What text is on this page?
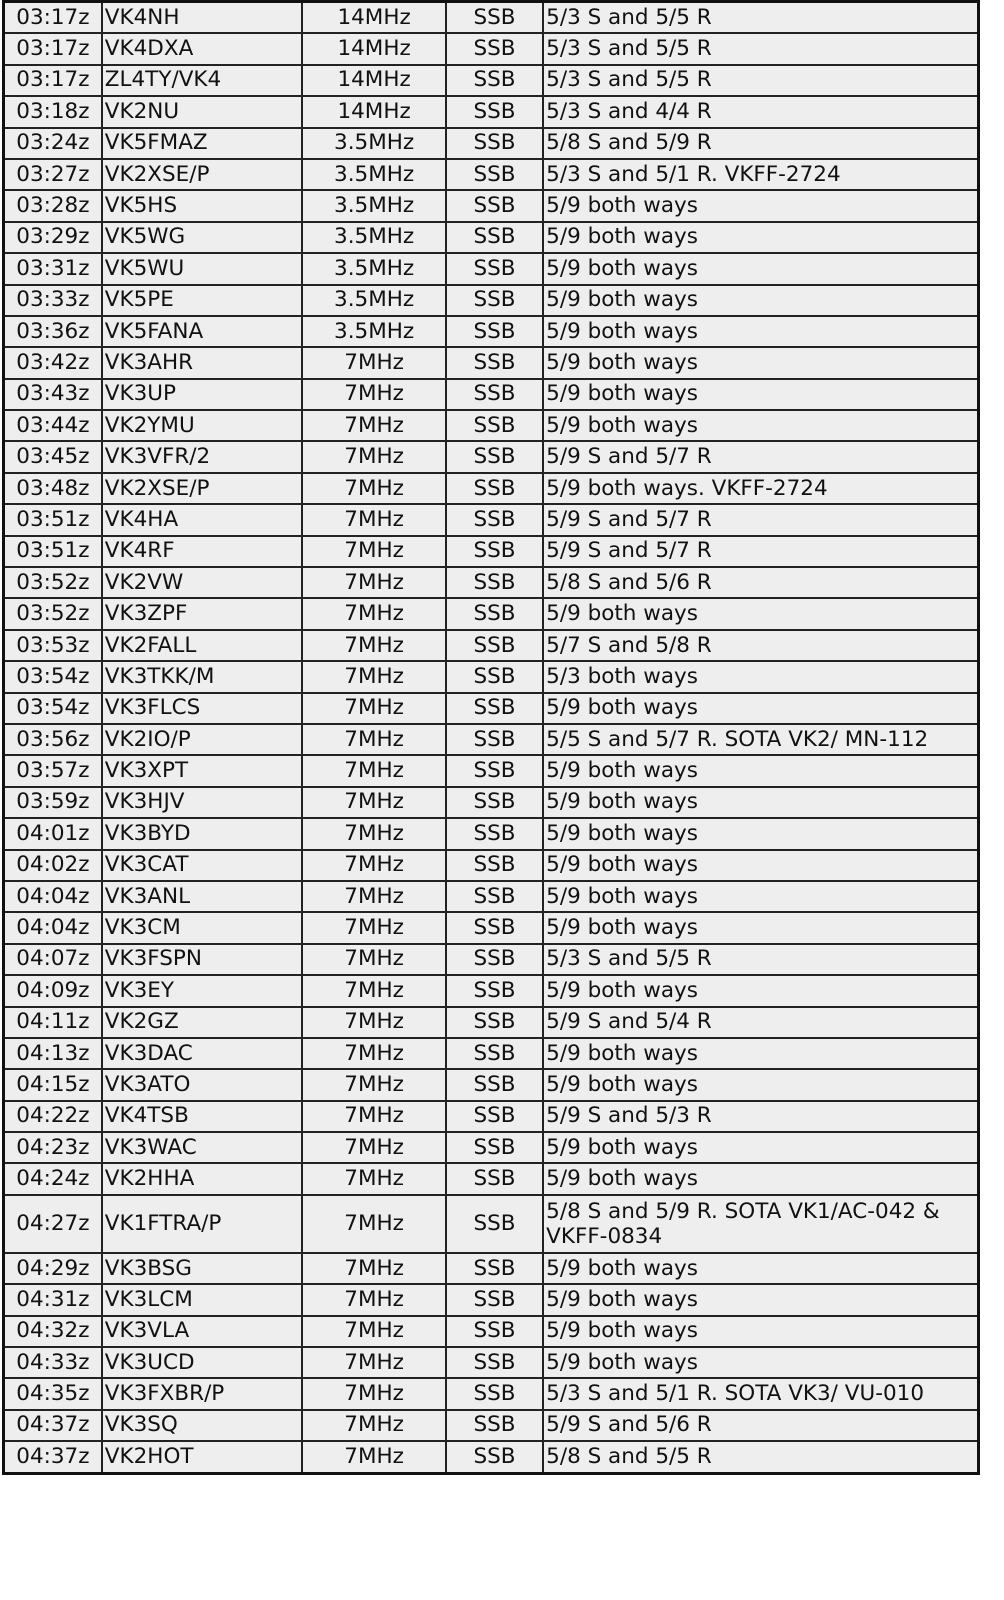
03:17z	VK4NH	14MHz	SSB	5/3 S and 5/5 R
03:17z	VK4DXA	14MHz	SSB	5/3 S and 5/5 R
03:17z	ZL4TY/VK4	14MHz	SSB	5/3 S and 5/5 R
03:18z	VK2NU	14MHz	SSB	5/3 S and 4/4 R
03:24z	VK5FMAZ	3.5MHz	SSB	5/8 S and 5/9 R
03:27z	VK2XSE/P	3.5MHz	SSB	5/3 S and 5/1 R. VKFF-2724
03:28z	VK5HS	3.5MHz	SSB	5/9 both ways
03:29z	VK5WG	3.5MHz	SSB	5/9 both ways
03:31z	VK5WU	3.5MHz	SSB	5/9 both ways
03:33z	VK5PE	3.5MHz	SSB	5/9 both ways
03:36z	VK5FANA	3.5MHz	SSB	5/9 both ways
03:42z	VK3AHR	7MHz	SSB	5/9 both ways
03:43z	VK3UP	7MHz	SSB	5/9 both ways
03:44z	VK2YMU	7MHz	SSB	5/9 both ways
03:45z	VK3VFR/2	7MHz	SSB	5/9 S and 5/7 R
03:48z	VK2XSE/P	7MHz	SSB	5/9 both ways. VKFF-2724
03:51z	VK4HA	7MHz	SSB	5/9 S and 5/7 R
03:51z	VK4RF	7MHz	SSB	5/9 S and 5/7 R
03:52z	VK2VW	7MHz	SSB	5/8 S and 5/6 R
03:52z	VK3ZPF	7MHz	SSB	5/9 both ways
03:53z	VK2FALL	7MHz	SSB	5/7 S and 5/8 R
03:54z	VK3TKK/M	7MHz	SSB	5/3 both ways
03:54z	VK3FLCS	7MHz	SSB	5/9 both ways
03:56z	VK2IO/P	7MHz	SSB	5/5 S and 5/7 R. SOTA VK2/ MN-112
03:57z	VK3XPT	7MHz	SSB	5/9 both ways
03:59z	VK3HJV	7MHz	SSB	5/9 both ways
04:01z	VK3BYD	7MHz	SSB	5/9 both ways
04:02z	VK3CAT	7MHz	SSB	5/9 both ways
04:04z	VK3ANL	7MHz	SSB	5/9 both ways
04:04z	VK3CM	7MHz	SSB	5/9 both ways
04:07z	VK3FSPN	7MHz	SSB	5/3 S and 5/5 R
04:09z	VK3EY	7MHz	SSB	5/9 both ways
04:11z	VK2GZ	7MHz	SSB	5/9 S and 5/4 R
04:13z	VK3DAC	7MHz	SSB	5/9 both ways
04:15z	VK3ATO	7MHz	SSB	5/9 both ways
04:22z	VK4TSB	7MHz	SSB	5/9 S and 5/3 R
04:23z	VK3WAC	7MHz	SSB	5/9 both ways
04:24z	VK2HHA	7MHz	SSB	5/9 both ways
04:27z	VK1FTRA/P	7MHz	SSB	5/8 S and 5/9 R. SOTA VK1/AC-042 & VKFF-0834
04:29z	VK3BSG	7MHz	SSB	5/9 both ways
04:31z	VK3LCM	7MHz	SSB	5/9 both ways
04:32z	VK3VLA	7MHz	SSB	5/9 both ways
04:33z	VK3UCD	7MHz	SSB	5/9 both ways
04:35z	VK3FXBR/P	7MHz	SSB	5/3 S and 5/1 R. SOTA VK3/ VU-010
04:37z	VK3SQ	7MHz	SSB	5/9 S and 5/6 R
04:37z	VK2HOT	7MHz	SSB	5/8 S and 5/5 R
